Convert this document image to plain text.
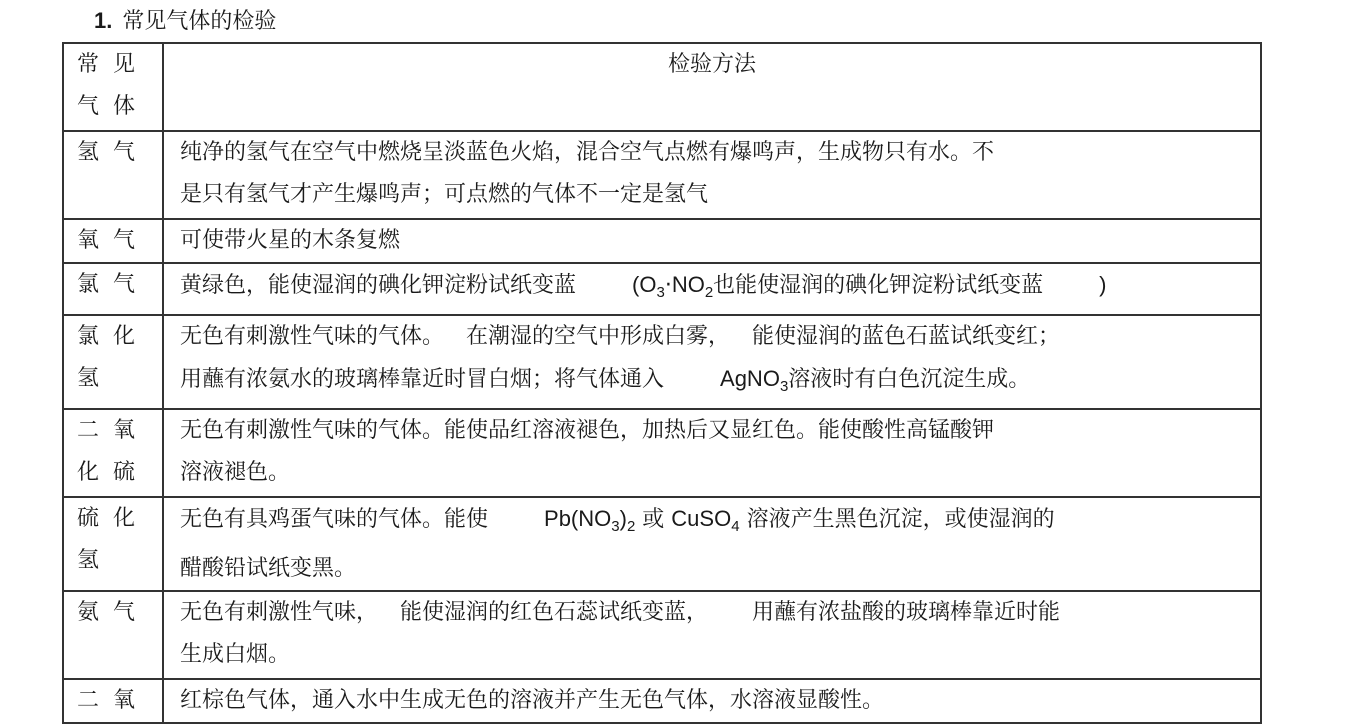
1. 常见气体的检验
常见
气体	检验方法

氢气	纯净的氢气在空气中燃烧呈淡蓝色火焰，混合空气点燃有爆鸣声，生成物只有水。不
是只有氢气才产生爆鸣声；可点燃的气体不一定是氢气

氧气	可使带火星的木条复燃

氯气	黄绿色，能使湿润的碘化钾淀粉试纸变蓝 ($O_3\cdot NO_2$也能使湿润的碘化钾淀粉试纸变蓝 )

氯化
氢	无色有刺激性气味的气体。 在潮湿的空气中形成白雾， 能使湿润的蓝色石蓝试纸变红；
用蘸有浓氨水的玻璃棒靠近时冒白烟；将气体通入 AgNO$_3$溶液时有白色沉淀生成。

二氧
化硫	无色有刺激性气味的气体。能使品红溶液褪色，加热后又显红色。能使酸性高锰酸钾
溶液褪色。

硫化
氢	无色有具鸡蛋气味的气体。能使 $Pb(NO_3)_2$ 或 CuSO$_4$ 溶液产生黑色沉淀，或使湿润的
醋酸铅试纸变黑。

氨气	无色有刺激性气味， 能使湿润的红色石蕊试纸变蓝， 用蘸有浓盐酸的玻璃棒靠近时能
生成白烟。

二氧	红棕色气体，通入水中生成无色的溶液并产生无色气体，水溶液显酸性。
